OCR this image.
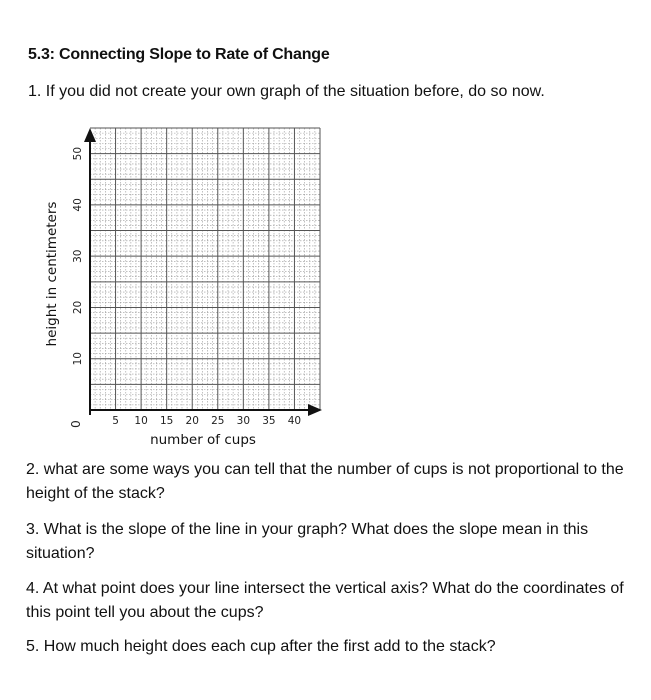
5.3: Connecting Slope to Rate of Change
1. If you did not create your own graph of the situation before, do so now.
5 10 15 20 25 30 35 40
10
20
30
40
50
0
number of cups
height in centimeters
2. what are some ways you can tell that the number of cups is not proportional to the height of the stack?
3. What is the slope of the line in your graph? What does the slope mean in this situation?
4. At what point does your line intersect the vertical axis? What do the coordinates of this point tell you about the cups?
5. How much height does each cup after the first add to the stack?
